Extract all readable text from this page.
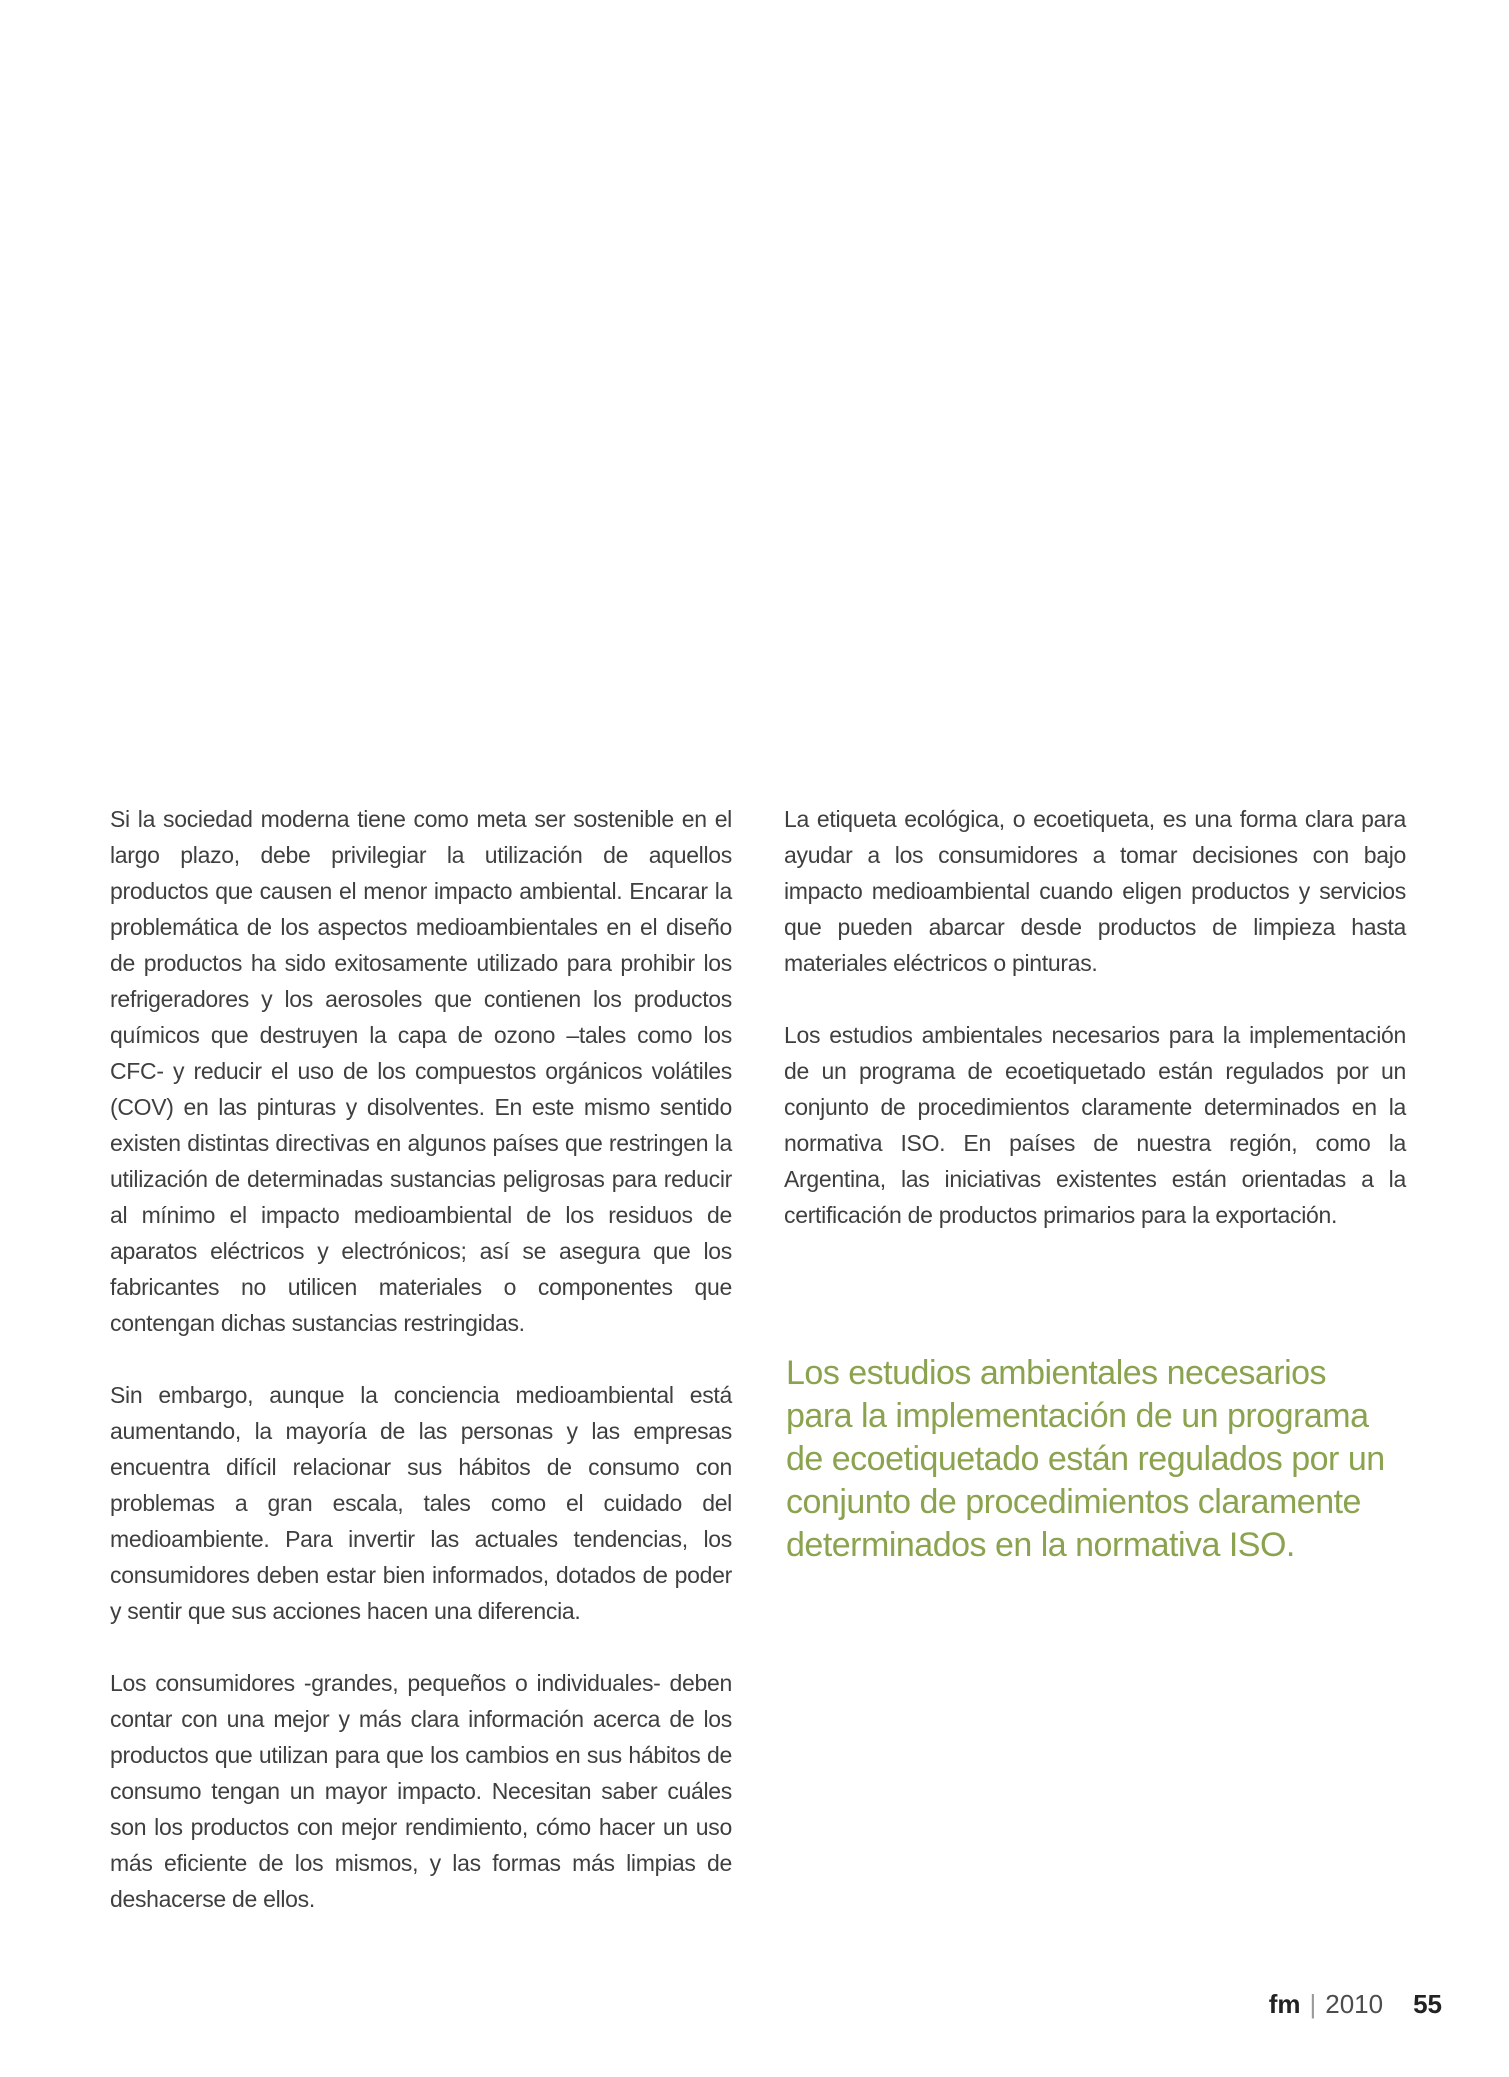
Si la sociedad moderna tiene como meta ser sostenible en el largo plazo, debe privilegiar la utilización de aquellos productos que causen el menor impacto ambiental. Encarar la problemática de los aspectos medioambientales en el diseño de productos ha sido exitosamente utilizado para prohibir los refrigeradores y los aerosoles que contienen los productos químicos que destruyen la capa de ozono –tales como los CFC- y reducir el uso de los compuestos orgánicos volátiles (COV) en las pinturas y disolventes. En este mismo sentido existen distintas directivas en algunos países que restringen la utilización de determinadas sustancias peligrosas para reducir al mínimo el impacto medioambiental de los residuos de aparatos eléctricos y electrónicos; así se asegura que los fabricantes no utilicen materiales o componentes que contengan dichas sustancias restringidas.

Sin embargo, aunque la conciencia medioambiental está aumentando, la mayoría de las personas y las empresas encuentra difícil relacionar sus hábitos de consumo con problemas a gran escala, tales como el cuidado del medioambiente. Para invertir las actuales tendencias, los consumidores deben estar bien informados, dotados de poder y sentir que sus acciones hacen una diferencia.

Los consumidores -grandes, pequeños o individuales- deben contar con una mejor y más clara información acerca de los productos que utilizan para que los cambios en sus hábitos de consumo tengan un mayor impacto. Necesitan saber cuáles son los productos con mejor rendimiento, cómo hacer un uso más eficiente de los mismos, y las formas más limpias de deshacerse de ellos.

La etiqueta ecológica, o ecoetiqueta, es una forma clara para ayudar a los consumidores a tomar decisiones con bajo impacto medioambiental cuando eligen productos y servicios que pueden abarcar desde productos de limpieza hasta materiales eléctricos o pinturas.

Los estudios ambientales necesarios para la implementación de un programa de ecoetiquetado están regulados por un conjunto de procedimientos claramente determinados en la normativa ISO. En países de nuestra región, como la Argentina, las iniciativas existentes están orientadas a la certificación de productos primarios para la exportación.

Los estudios ambientales necesarios
para la implementación de un programa
de ecoetiquetado están regulados por un
conjunto de procedimientos claramente
determinados en la normativa ISO.
fm | 2010 55
